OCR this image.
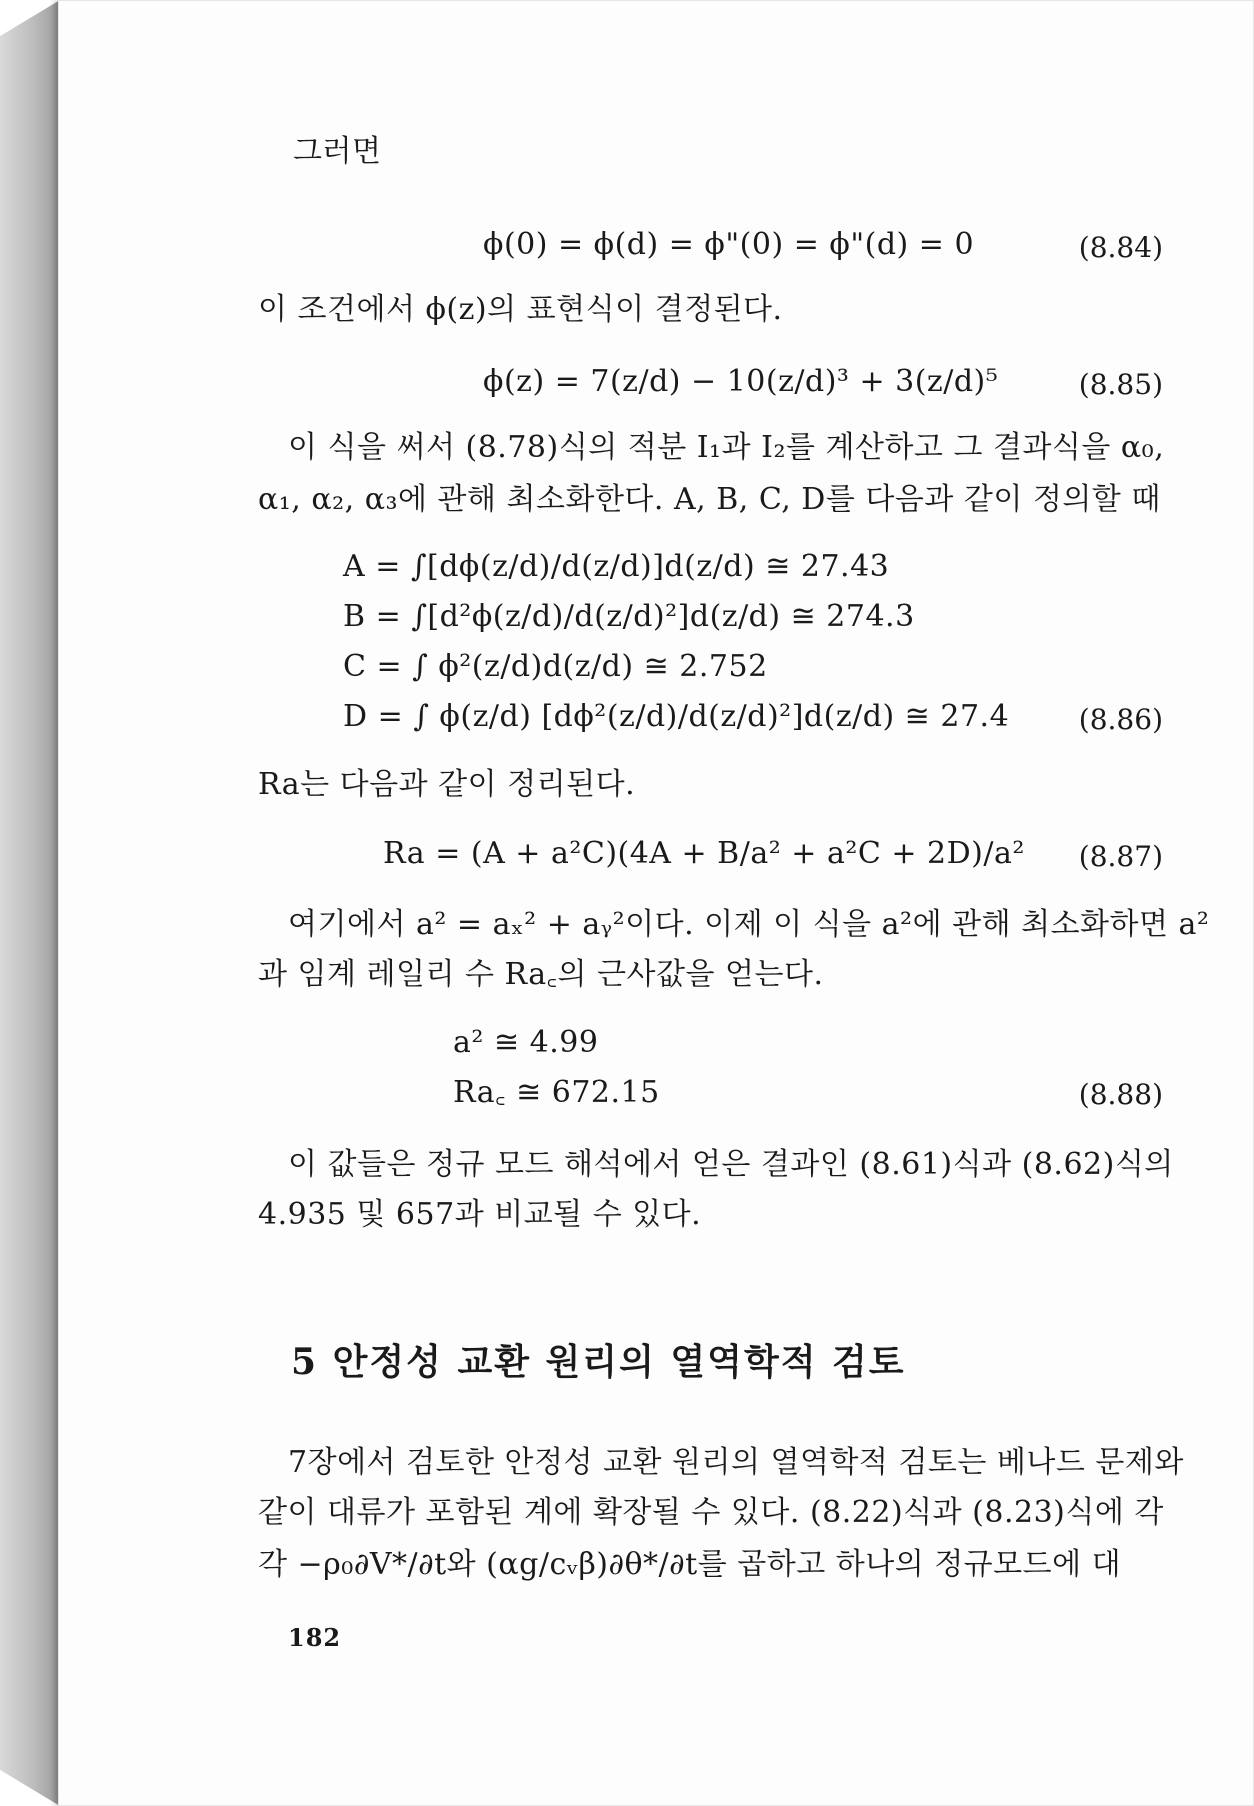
그러면
ϕ(0) = ϕ(d) = ϕ"(0) = ϕ"(d) = 0
이 조건에서 ϕ(z)의 표현식이 결정된다.
ϕ(z) = 7(z/d) − 10(z/d)³ + 3(z/d)⁵
이 식을 써서 (8.78)식의 적분 I₁과 I₂를 계산하고 그 결과식을 α₀,
α₁, α₂, α₃에 관해 최소화한다. A, B, C, D를 다음과 같이 정의할 때
A = ∫[dϕ(z/d)/d(z/d)]d(z/d) ≅ 27.43
B = ∫[d²ϕ(z/d)/d(z/d)²]d(z/d) ≅ 274.3
C = ∫ ϕ²(z/d)d(z/d) ≅ 2.752
D = ∫ ϕ(z/d) [dϕ²(z/d)/d(z/d)²]d(z/d) ≅ 27.4
Ra는 다음과 같이 정리된다.
Ra = (A + a²C)(4A + B/a² + a²C + 2D)/a²
여기에서 a² = aₓ² + aᵧ²이다. 이제 이 식을 a²에 관해 최소화하면 a²
과 임계 레일리 수 Ra꜀의 근사값을 얻는다.
a² ≅ 4.99
Ra꜀ ≅ 672.15
이 값들은 정규 모드 해석에서 얻은 결과인 (8.61)식과 (8.62)식의
4.935 및 657과 비교될 수 있다.
5 안정성 교환 원리의 열역학적 검토
7장에서 검토한 안정성 교환 원리의 열역학적 검토는 베나드 문제와
같이 대류가 포함된 계에 확장될 수 있다. (8.22)식과 (8.23)식에 각
각 −ρ₀∂V*/∂t와 (αg/cᵥβ)∂θ*/∂t를 곱하고 하나의 정규모드에 대
(8.84)
(8.85)
(8.86)
(8.87)
(8.88)
182
